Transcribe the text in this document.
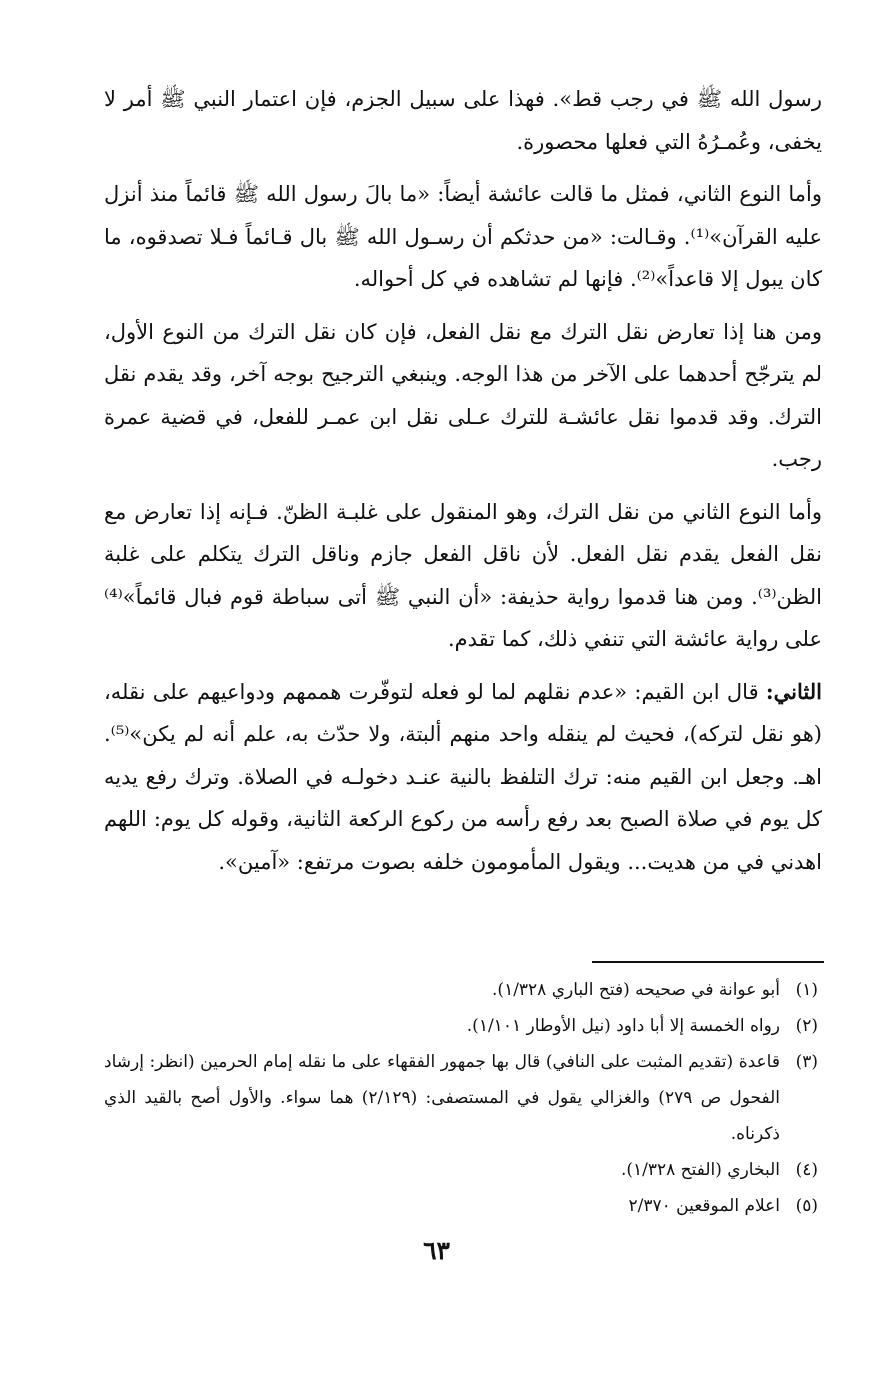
رسول الله ﷺ في رجب قط». فهذا على سبيل الجزم، فإن اعتمار النبي ﷺ أمر لا يخفى، وعُمـرُهُ التي فعلها محصورة.

وأما النوع الثاني، فمثل ما قالت عائشة أيضاً: «ما بالَ رسول الله ﷺ قائماً منذ أنزل عليه القرآن»⁽¹⁾. وقـالت: «من حدثكم أن رسـول الله ﷺ بال قـائماً فـلا تصدقوه، ما كان يبول إلا قاعداً»⁽²⁾. فإنها لم تشاهده في كل أحواله.

ومن هنا إذا تعارض نقل الترك مع نقل الفعل، فإن كان نقل الترك من النوع الأول، لم يترجّح أحدهما على الآخر من هذا الوجه. وينبغي الترجيح بوجه آخر، وقد يقدم نقل الترك. وقد قدموا نقل عائشـة للترك عـلى نقل ابن عمـر للفعل، في قضية عمرة رجب.

وأما النوع الثاني من نقل الترك، وهو المنقول على غلبـة الظنّ. فـإنه إذا تعارض مع نقل الفعل يقدم نقل الفعل. لأن ناقل الفعل جازم وناقل الترك يتكلم على غلبة الظن⁽³⁾. ومن هنا قدموا رواية حذيفة: «أن النبي ﷺ أتى سباطة قوم فبال قائماً»⁽⁴⁾ على رواية عائشة التي تنفي ذلك، كما تقدم.

الثاني: قال ابن القيم: «عدم نقلهم لما لو فعله لتوفّرت هممهم ودواعيهم على نقله، (هو نقل لتركه)، فحيث لم ينقله واحد منهم ألبتة، ولا حدّث به، علم أنه لم يكن»⁽⁵⁾. اهـ. وجعل ابن القيم منه: ترك التلفظ بالنية عنـد دخولـه في الصلاة. وترك رفع يديه كل يوم في صلاة الصبح بعد رفع رأسه من ركوع الركعة الثانية، وقوله كل يوم: اللهم اهدني في من هديت... ويقول المأمومون خلفه بصوت مرتفع: «آمين».

(١)
أبو عوانة في صحيحه (فتح الباري ١/٣٢٨).
(٢)
رواه الخمسة إلا أبا داود (نيل الأوطار ١/١٠١).
(٣)
قاعدة (تقديم المثبت على النافي) قال بها جمهور الفقهاء على ما نقله إمام الحرمين (انظر: إرشاد الفحول ص ٢٧٩) والغزالي يقول في المستصفى: (٢/١٢٩) هما سواء. والأول أصح بالقيد الذي ذكرناه.
(٤)
البخاري (الفتح ١/٣٢٨).
(٥)
اعلام الموقعين ٢/٣٧٠
٦٣
